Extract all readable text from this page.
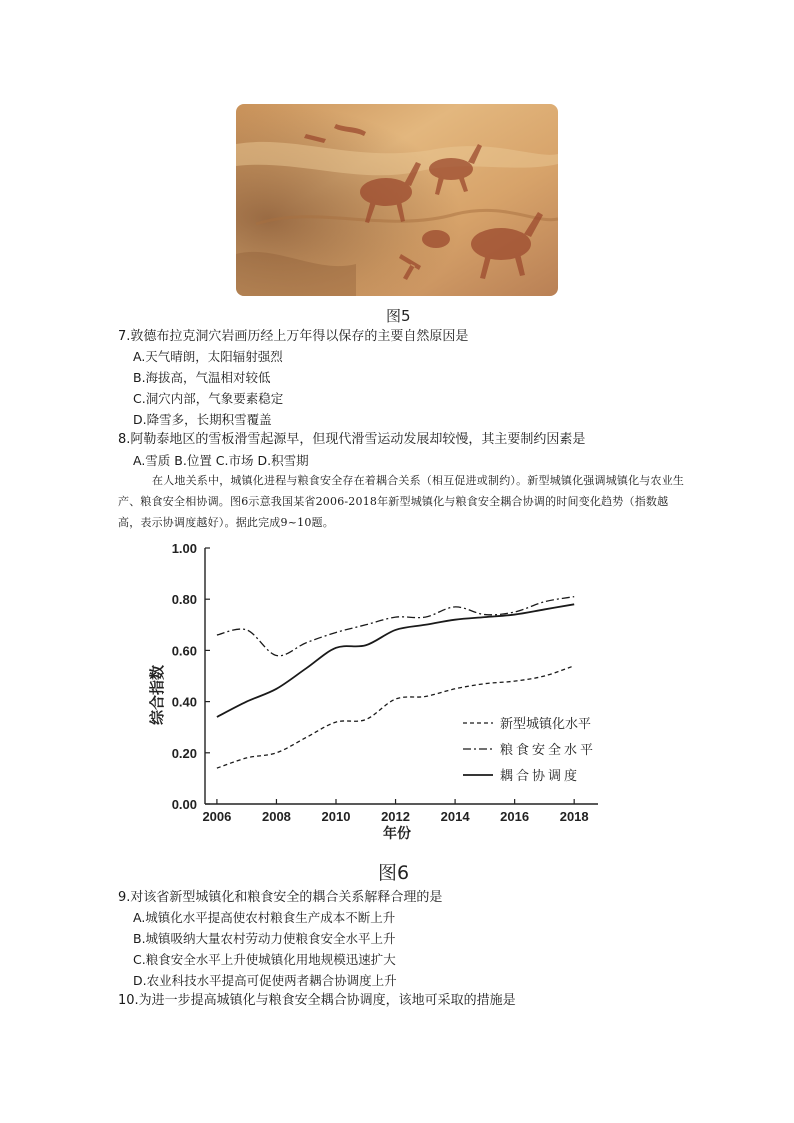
图5
7.敦德布拉克洞穴岩画历经上万年得以保存的主要自然原因是
A.天气晴朗，太阳辐射强烈
B.海拔高，气温相对较低
C.洞穴内部，气象要素稳定
D.降雪多，长期积雪覆盖
8.阿勒泰地区的雪板滑雪起源早，但现代滑雪运动发展却较慢，其主要制约因素是
A.雪质 B.位置 C.市场 D.积雪期
在人地关系中，城镇化进程与粮食安全存在着耦合关系（相互促进或制约）。新型城镇化强调城镇化与农业生产、粮食安全相协调。图6示意我国某省2006-2018年新型城镇化与粮食安全耦合协调的时间变化趋势（指数越高，表示协调度越好）。据此完成9~10题。
0.00
0.20
0.40
0.60
0.80
1.00
2006 2008 2010 2012 2014 2016 2018
新型城镇化水平
粮食安全水平
耦合协调度
综合指数
年份
图6
9.对该省新型城镇化和粮食安全的耦合关系解释合理的是
A.城镇化水平提高使农村粮食生产成本不断上升
B.城镇吸纳大量农村劳动力使粮食安全水平上升
C.粮食安全水平上升使城镇化用地规模迅速扩大
D.农业科技水平提高可促使两者耦合协调度上升
10.为进一步提高城镇化与粮食安全耦合协调度，该地可采取的措施是
